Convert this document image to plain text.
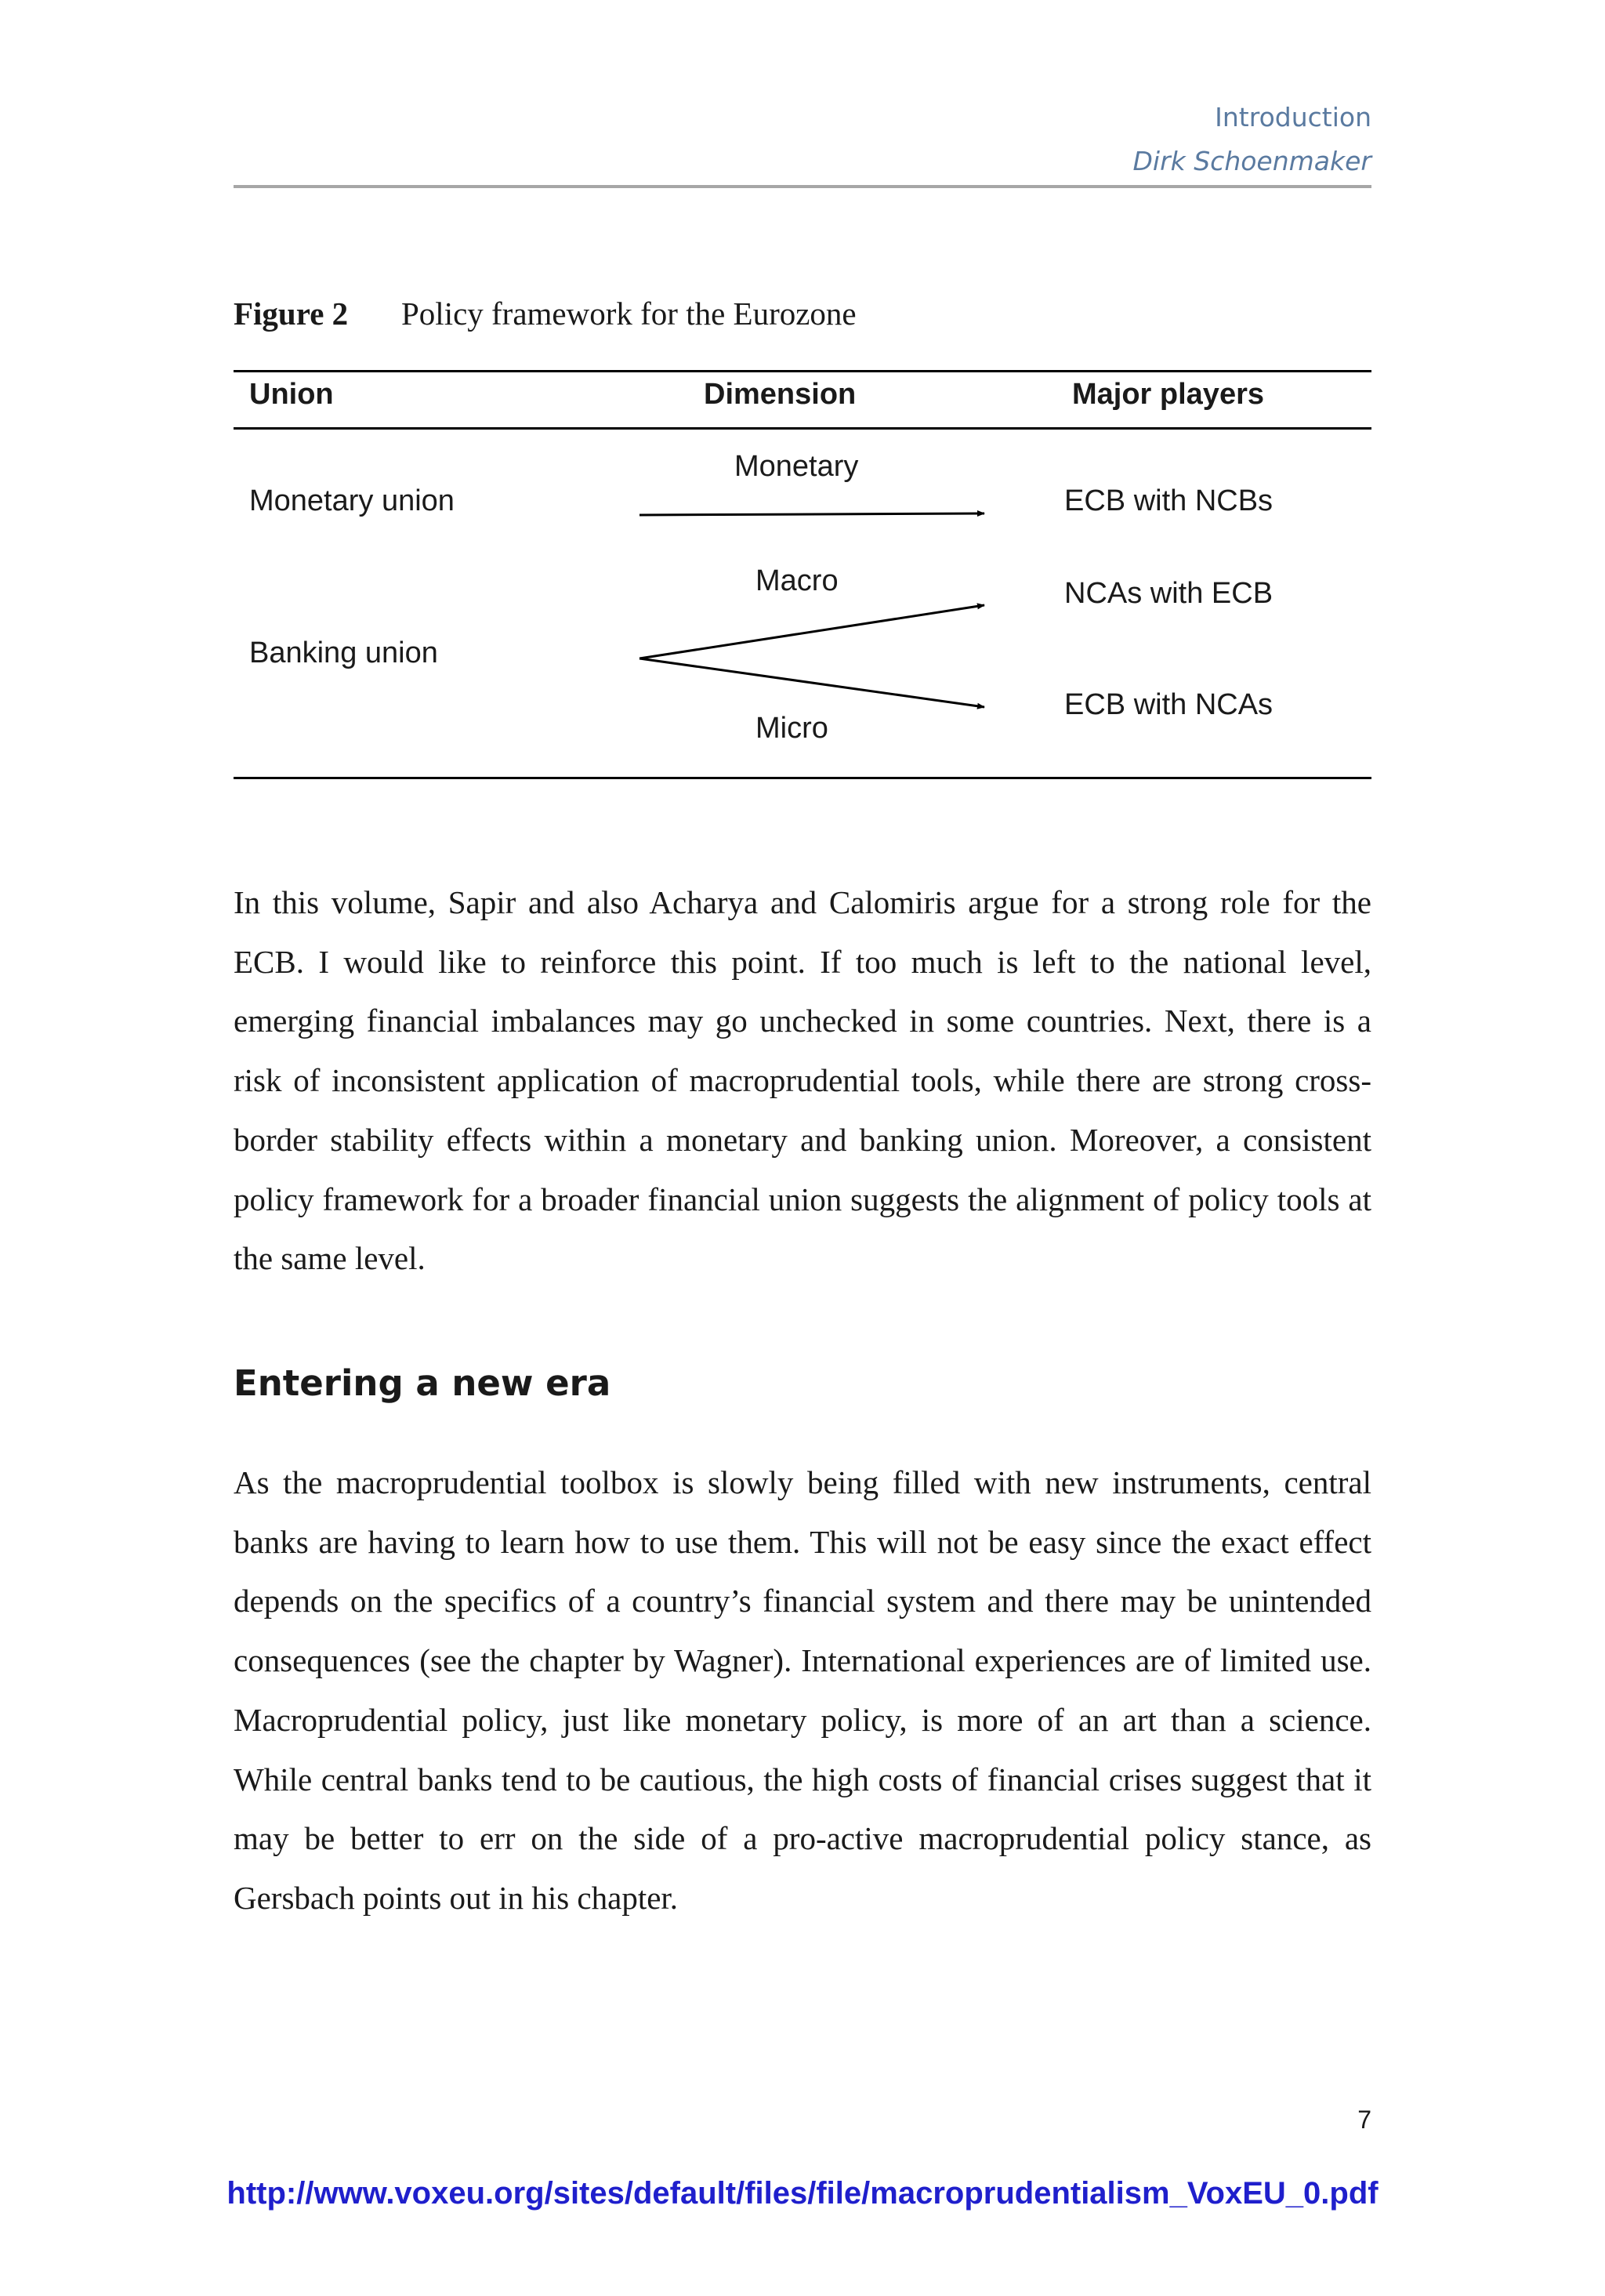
Introduction
Dirk Schoenmaker
Figure 2 Policy framework for the Eurozone
Union	Dimension	Major players
Monetary union
Banking union
Monetary
Macro
Micro
ECB with NCBs
NCAs with ECB
ECB with NCAs

In this volume, Sapir and also Acharya and Calomiris argue for a strong role for the ECB. I would like to reinforce this point. If too much is left to the national level, emerging financial imbalances may go unchecked in some countries. Next, there is a risk of inconsistent application of macroprudential tools, while there are strong cross-border stability effects within a monetary and banking union. Moreover, a consistent policy framework for a broader financial union suggests the alignment of policy tools at the same level.

Entering a new era

As the macroprudential toolbox is slowly being filled with new instruments, central banks are having to learn how to use them. This will not be easy since the exact effect depends on the specifics of a country’s financial system and there may be unintended consequences (see the chapter by Wagner). International experiences are of limited use. Macroprudential policy, just like monetary policy, is more of an art than a science. While central banks tend to be cautious, the high costs of financial crises suggest that it may be better to err on the side of a pro-active macroprudential policy stance, as Gersbach points out in his chapter.

7
http://www.voxeu.org/sites/default/files/file/macroprudentialism_VoxEU_0.pdf
